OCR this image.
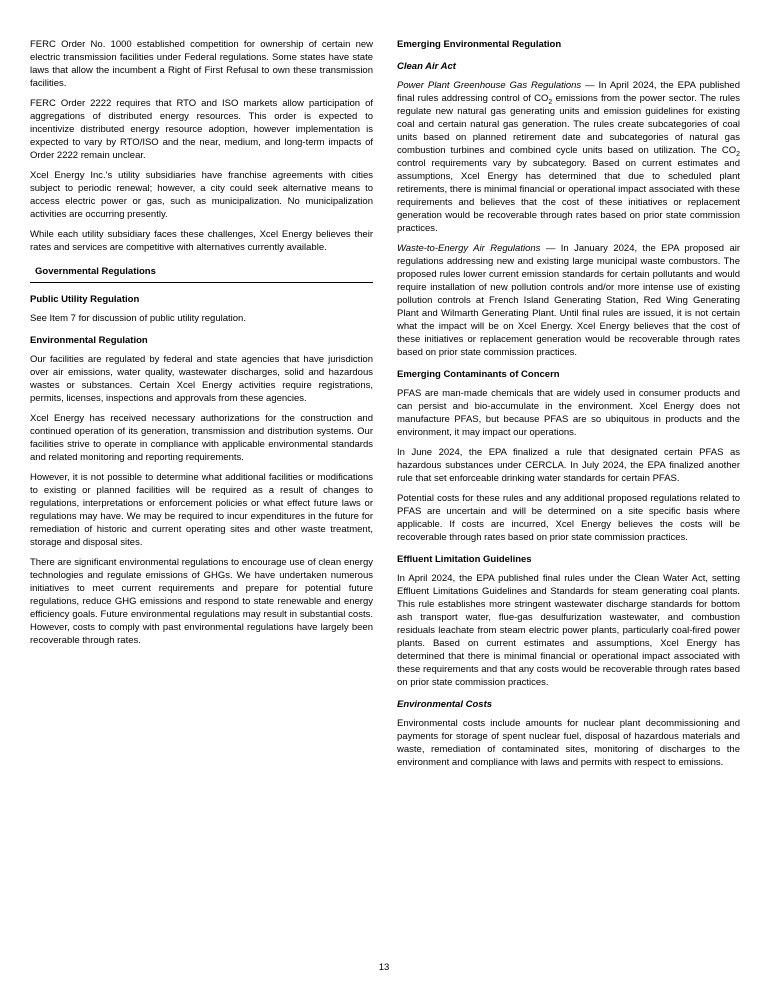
FERC Order No. 1000 established competition for ownership of certain new electric transmission facilities under Federal regulations. Some states have state laws that allow the incumbent a Right of First Refusal to own these transmission facilities.

FERC Order 2222 requires that RTO and ISO markets allow participation of aggregations of distributed energy resources. This order is expected to incentivize distributed energy resource adoption, however implementation is expected to vary by RTO/ISO and the near, medium, and long-term impacts of Order 2222 remain unclear.

Xcel Energy Inc.'s utility subsidiaries have franchise agreements with cities subject to periodic renewal; however, a city could seek alternative means to access electric power or gas, such as municipalization. No municipalization activities are occurring presently.

While each utility subsidiary faces these challenges, Xcel Energy believes their rates and services are competitive with alternatives currently available.

Governmental Regulations
Public Utility Regulation

See Item 7 for discussion of public utility regulation.

Environmental Regulation

Our facilities are regulated by federal and state agencies that have jurisdiction over air emissions, water quality, wastewater discharges, solid and hazardous wastes or substances. Certain Xcel Energy activities require registrations, permits, licenses, inspections and approvals from these agencies.

Xcel Energy has received necessary authorizations for the construction and continued operation of its generation, transmission and distribution systems. Our facilities strive to operate in compliance with applicable environmental standards and related monitoring and reporting requirements.

However, it is not possible to determine what additional facilities or modifications to existing or planned facilities will be required as a result of changes to regulations, interpretations or enforcement policies or what effect future laws or regulations may have. We may be required to incur expenditures in the future for remediation of historic and current operating sites and other waste treatment, storage and disposal sites.

There are significant environmental regulations to encourage use of clean energy technologies and regulate emissions of GHGs. We have undertaken numerous initiatives to meet current requirements and prepare for potential future regulations, reduce GHG emissions and respond to state renewable and energy efficiency goals. Future environmental regulations may result in substantial costs. However, costs to comply with past environmental regulations have largely been recoverable through rates.

Emerging Environmental Regulation
Clean Air Act

Power Plant Greenhouse Gas Regulations — In April 2024, the EPA published final rules addressing control of $CO_2$ emissions from the power sector. The rules regulate new natural gas generating units and emission guidelines for existing coal and certain natural gas generation. The rules create subcategories of coal units based on planned retirement date and subcategories of natural gas combustion turbines and combined cycle units based on utilization. The $CO_2$ control requirements vary by subcategory. Based on current estimates and assumptions, Xcel Energy has determined that due to scheduled plant retirements, there is minimal financial or operational impact associated with these requirements and believes that the cost of these initiatives or replacement generation would be recoverable through rates based on prior state commission practices.

Waste-to-Energy Air Regulations — In January 2024, the EPA proposed air regulations addressing new and existing large municipal waste combustors. The proposed rules lower current emission standards for certain pollutants and would require installation of new pollution controls and/or more intense use of existing pollution controls at French Island Generating Station, Red Wing Generating Plant and Wilmarth Generating Plant. Until final rules are issued, it is not certain what the impact will be on Xcel Energy. Xcel Energy believes that the cost of these initiatives or replacement generation would be recoverable through rates based on prior state commission practices.

Emerging Contaminants of Concern

PFAS are man-made chemicals that are widely used in consumer products and can persist and bio-accumulate in the environment. Xcel Energy does not manufacture PFAS, but because PFAS are so ubiquitous in products and the environment, it may impact our operations.

In June 2024, the EPA finalized a rule that designated certain PFAS as hazardous substances under CERCLA. In July 2024, the EPA finalized another rule that set enforceable drinking water standards for certain PFAS.

Potential costs for these rules and any additional proposed regulations related to PFAS are uncertain and will be determined on a site specific basis where applicable. If costs are incurred, Xcel Energy believes the costs will be recoverable through rates based on prior state commission practices.

Effluent Limitation Guidelines

In April 2024, the EPA published final rules under the Clean Water Act, setting Effluent Limitations Guidelines and Standards for steam generating coal plants. This rule establishes more stringent wastewater discharge standards for bottom ash transport water, flue-gas desulfurization wastewater, and combustion residuals leachate from steam electric power plants, particularly coal-fired power plants. Based on current estimates and assumptions, Xcel Energy has determined that there is minimal financial or operational impact associated with these requirements and that any costs would be recoverable through rates based on prior state commission practices.

Environmental Costs

Environmental costs include amounts for nuclear plant decommissioning and payments for storage of spent nuclear fuel, disposal of hazardous materials and waste, remediation of contaminated sites, monitoring of discharges to the environment and compliance with laws and permits with respect to emissions.

13
